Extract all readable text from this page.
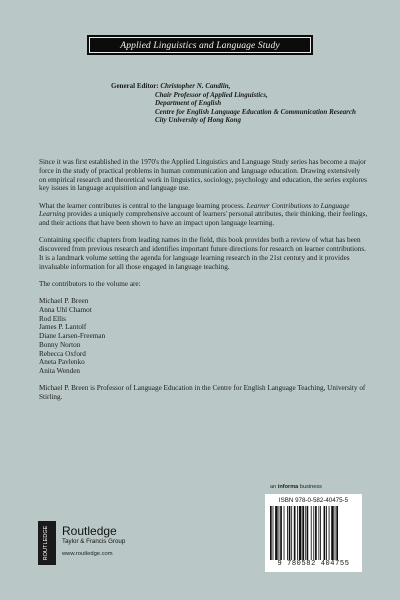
Applied Linguistics and Language Study
General Editor: Christopher N. Candlin,
Chair Professor of Applied Linguistics,
Department of English
Centre for English Language Education & Communication Research
City University of Hong Kong

Since it was first established in the 1970's the Applied Linguistics and Language Study series has become a major force in the study of practical problems in human communication and language education. Drawing extensively on empirical research and theoretical work in linguistics, sociology, psychology and education, the series explores key issues in language acquisition and language use.

What the learner contributes is central to the language learning process. Learner Contributions to Language Learning provides a uniquely comprehensive account of learners' personal attributes, their thinking, their feelings, and their actions that have been shown to have an impact upon language learning.

Containing specific chapters from leading names in the field, this book provides both a review of what has been discovered from previous research and identifies important future directions for research on learner contributions. It is a landmark volume setting the agenda for language learning research in the 21st century and it provides invaluable information for all those engaged in language teaching.

The contributors to the volume are:

Michael P. Breen
Anna Uhl Chamot
Rod Ellis
James P. Lantolf
Diane Larsen-Freeman
Bonny Norton
Rebecca Oxford
Aneta Pavlenko
Anita Wenden

Michael P. Breen is Professor of Language Education in the Centre for English Language Teaching, University of Stirling.

an informa business
ISBN 978-0-582-40475-5
9 780582 404755
ROUTLEDGE Routledge
Taylor & Francis Group
www.routledge.com
